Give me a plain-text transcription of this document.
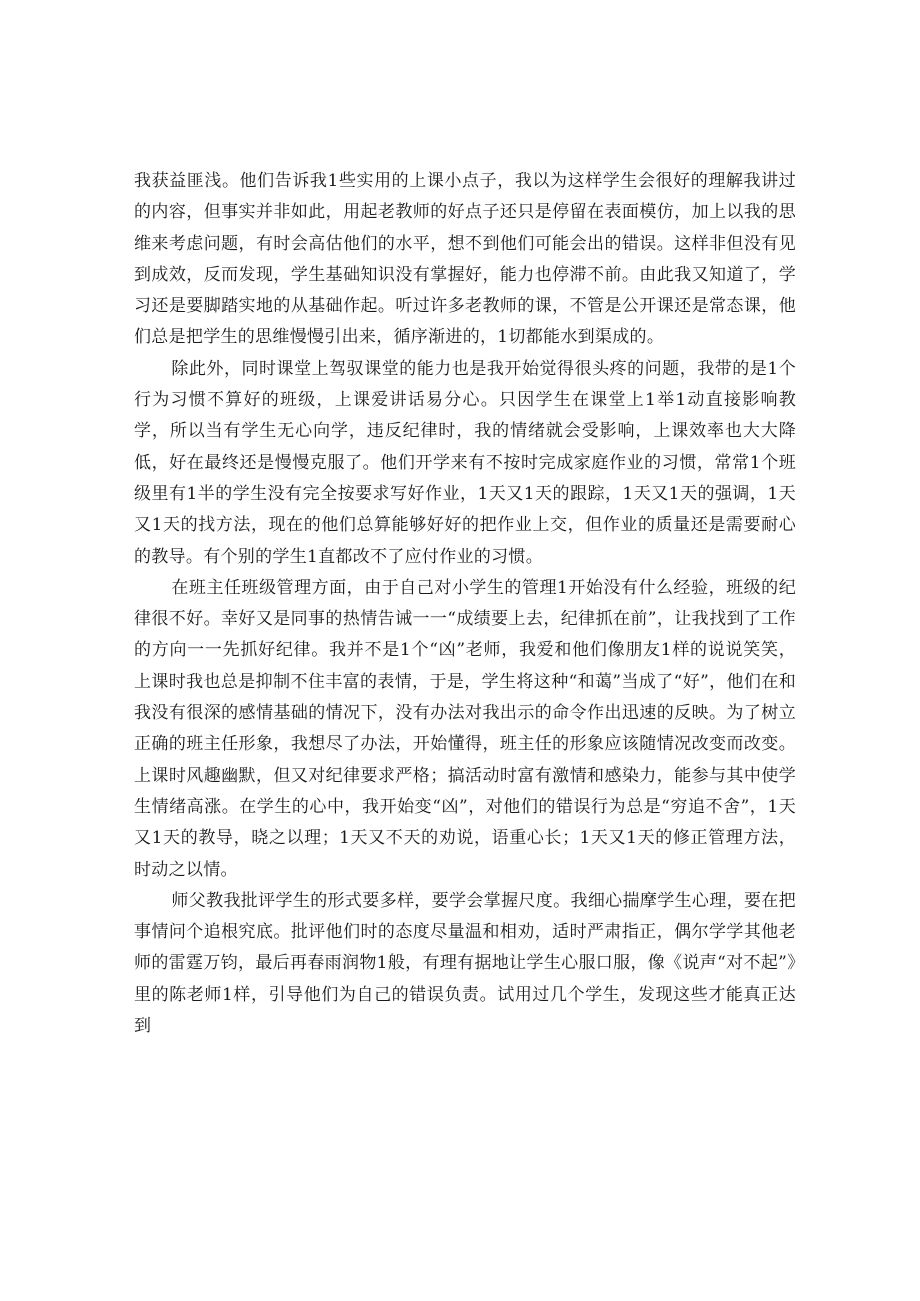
我获益匪浅。他们告诉我1些实用的上课小点子，我以为这样学生会很好的理解我讲过的内容，但事实并非如此，用起老教师的好点子还只是停留在表面模仿，加上以我的思维来考虑问题，有时会高估他们的水平，想不到他们可能会出的错误。这样非但没有见到成效，反而发现，学生基础知识没有掌握好，能力也停滞不前。由此我又知道了，学习还是要脚踏实地的从基础作起。听过许多老教师的课，不管是公开课还是常态课，他们总是把学生的思维慢慢引出来，循序渐进的，1切都能水到渠成的。

除此外，同时课堂上驾驭课堂的能力也是我开始觉得很头疼的问题，我带的是1个行为习惯不算好的班级，上课爱讲话易分心。只因学生在课堂上1举1动直接影响教学，所以当有学生无心向学，违反纪律时，我的情绪就会受影响，上课效率也大大降低，好在最终还是慢慢克服了。他们开学来有不按时完成家庭作业的习惯，常常1个班级里有1半的学生没有完全按要求写好作业，1天又1天的跟踪，1天又1天的强调，1天又1天的找方法，现在的他们总算能够好好的把作业上交，但作业的质量还是需要耐心的教导。有个别的学生1直都改不了应付作业的习惯。

在班主任班级管理方面，由于自己对小学生的管理1开始没有什么经验，班级的纪律很不好。幸好又是同事的热情告诫一一“成绩要上去，纪律抓在前”，让我找到了工作的方向一一先抓好纪律。我并不是1个“凶”老师，我爱和他们像朋友1样的说说笑笑，上课时我也总是抑制不住丰富的表情，于是，学生将这种“和蔼”当成了“好”，他们在和我没有很深的感情基础的情况下，没有办法对我出示的命令作出迅速的反映。为了树立正确的班主任形象，我想尽了办法，开始懂得，班主任的形象应该随情况改变而改变。上课时风趣幽默，但又对纪律要求严格；搞活动时富有激情和感染力，能参与其中使学生情绪高涨。在学生的心中，我开始变“凶”，对他们的错误行为总是“穷追不舍”，1天又1天的教导，晓之以理；1天又不天的劝说，语重心长；1天又1天的修正管理方法，时动之以情。

师父教我批评学生的形式要多样，要学会掌握尺度。我细心揣摩学生心理，要在把事情问个追根究底。批评他们时的态度尽量温和相劝，适时严肃指正，偶尔学学其他老师的雷霆万钧，最后再春雨润物1般，有理有据地让学生心服口服，像《说声“对不起”》里的陈老师1样，引导他们为自己的错误负责。试用过几个学生，发现这些才能真正达到
